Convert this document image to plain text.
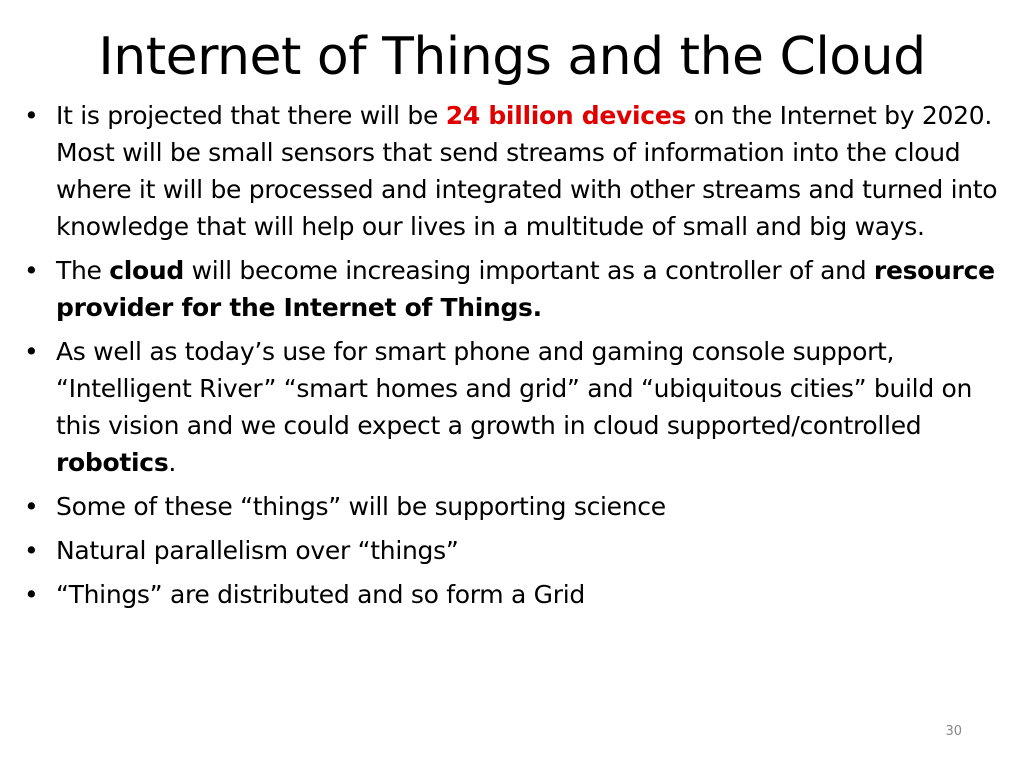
Internet of Things and the Cloud
• It is projected that there will be 24 billion devices on the Internet by 2020. Most will be small sensors that send streams of information into the cloud where it will be processed and integrated with other streams and turned into knowledge that will help our lives in a multitude of small and big ways.
• The cloud will become increasing important as a controller of and resource provider for the Internet of Things.
• As well as today’s use for smart phone and gaming console support, “Intelligent River” “smart homes and grid” and “ubiquitous cities” build on this vision and we could expect a growth in cloud supported/controlled robotics.
• Some of these “things” will be supporting science
• Natural parallelism over “things”
• “Things” are distributed and so form a Grid
30
